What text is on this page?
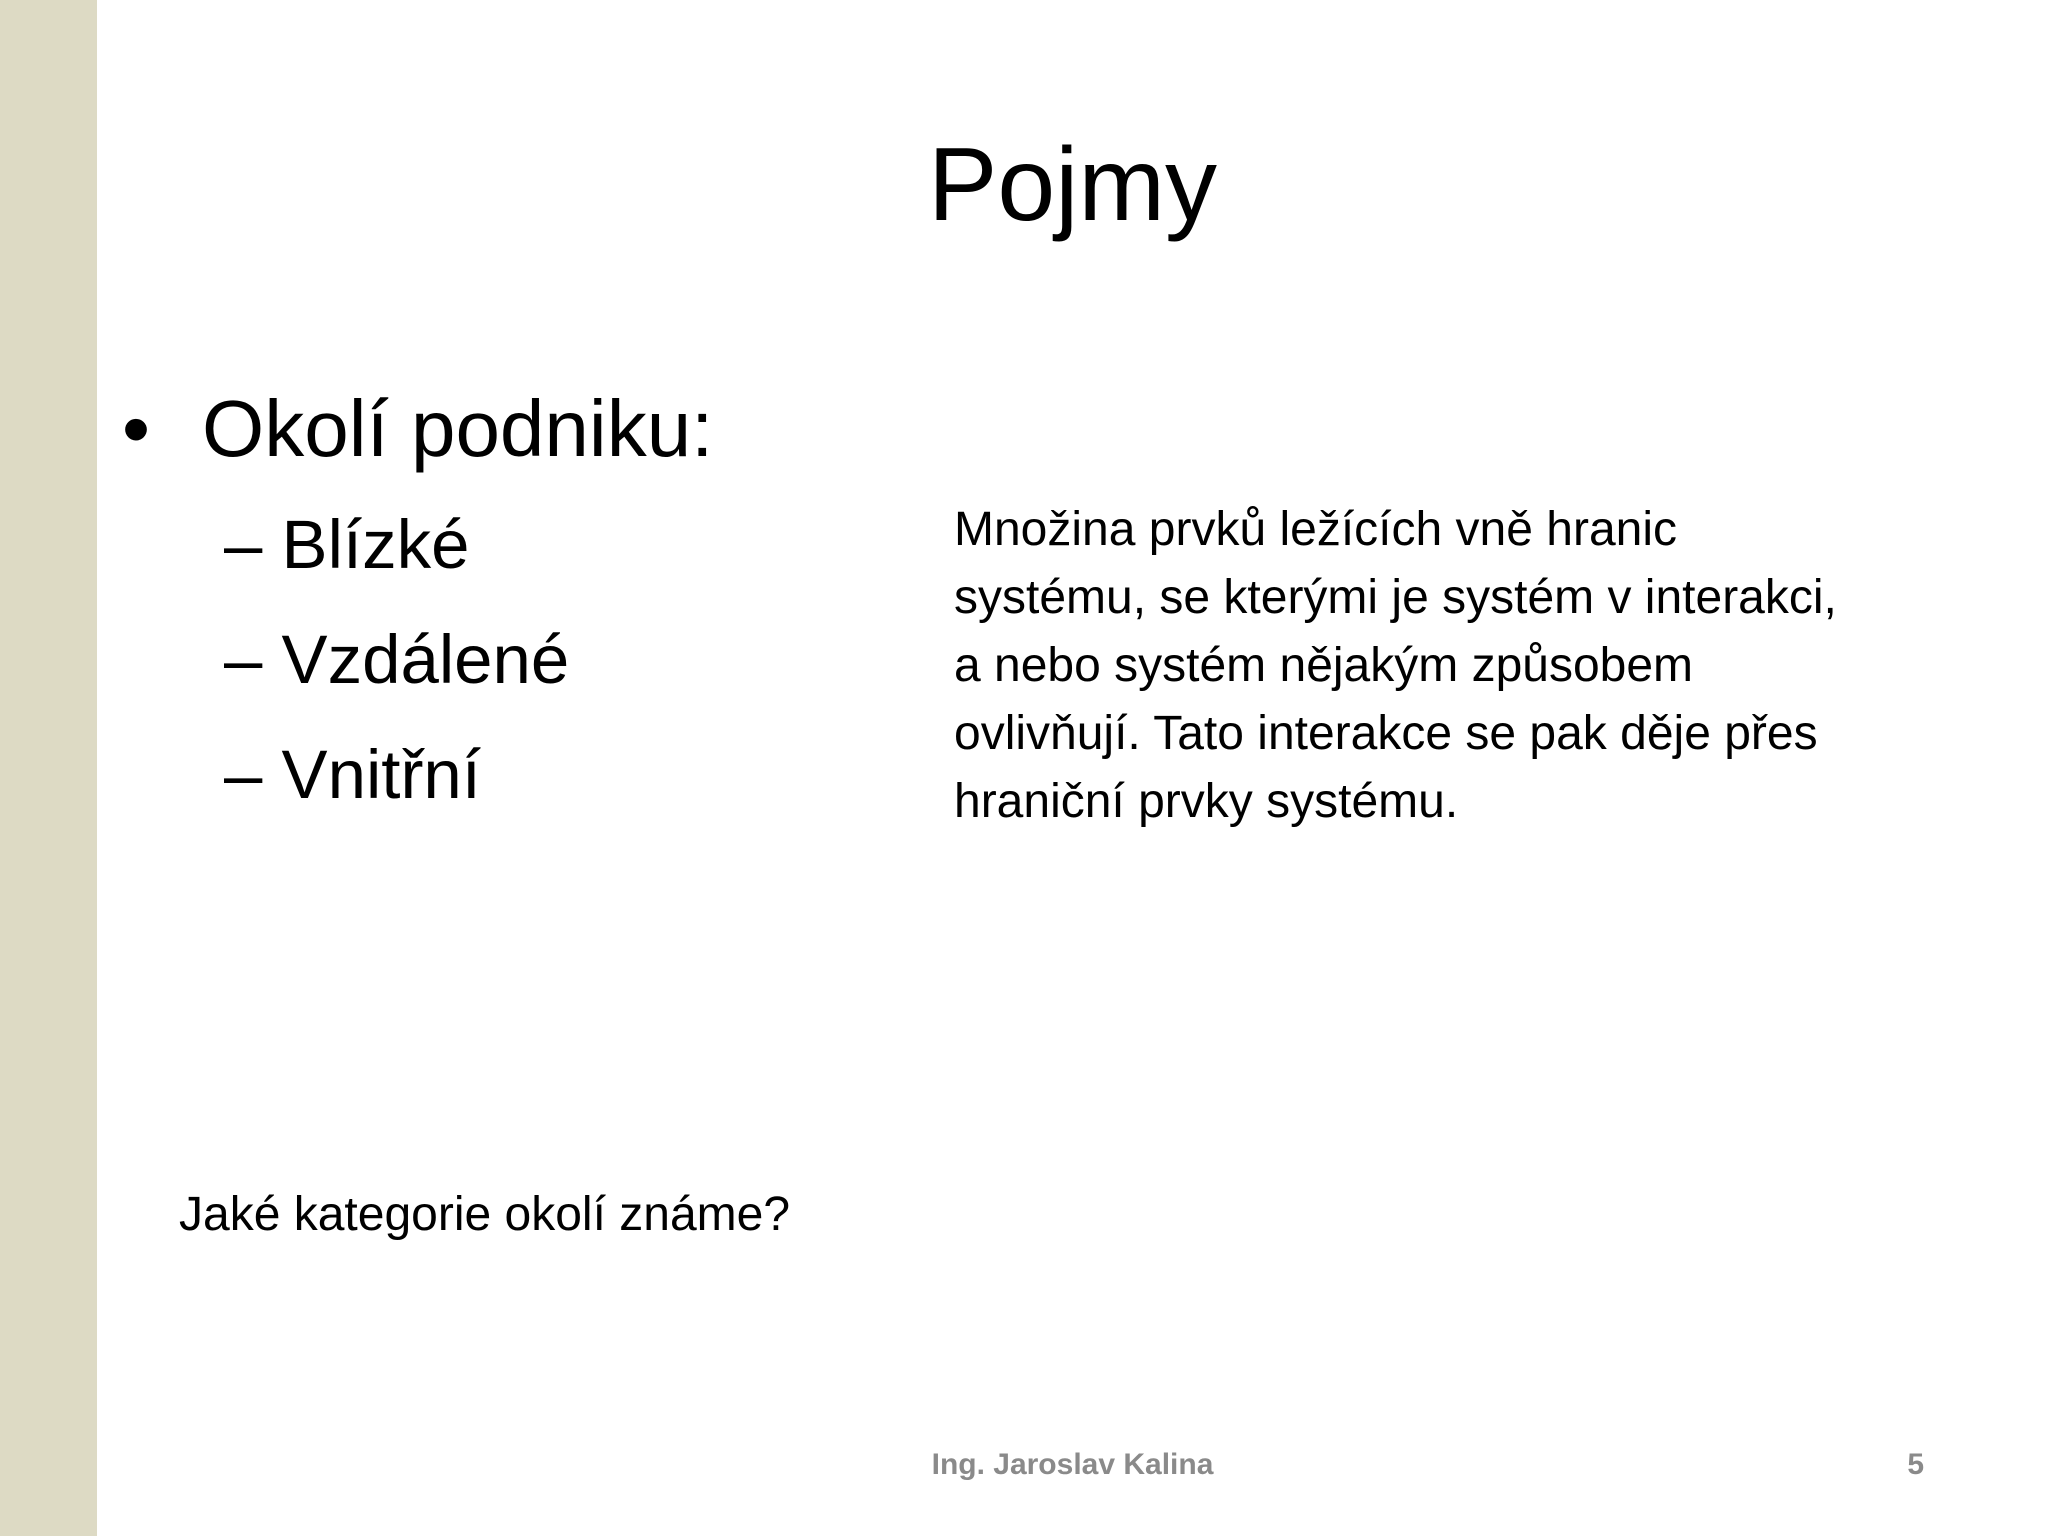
Pojmy
• Okolí podniku:
– Blízké
– Vzdálené
– Vnitřní
Množina prvků ležících vně hranic
systému, se kterými je systém v interakci,
a nebo systém nějakým způsobem
ovlivňují. Tato interakce se pak děje přes
hraniční prvky systému.
Jaké kategorie okolí známe?
Ing. Jaroslav Kalina	5
